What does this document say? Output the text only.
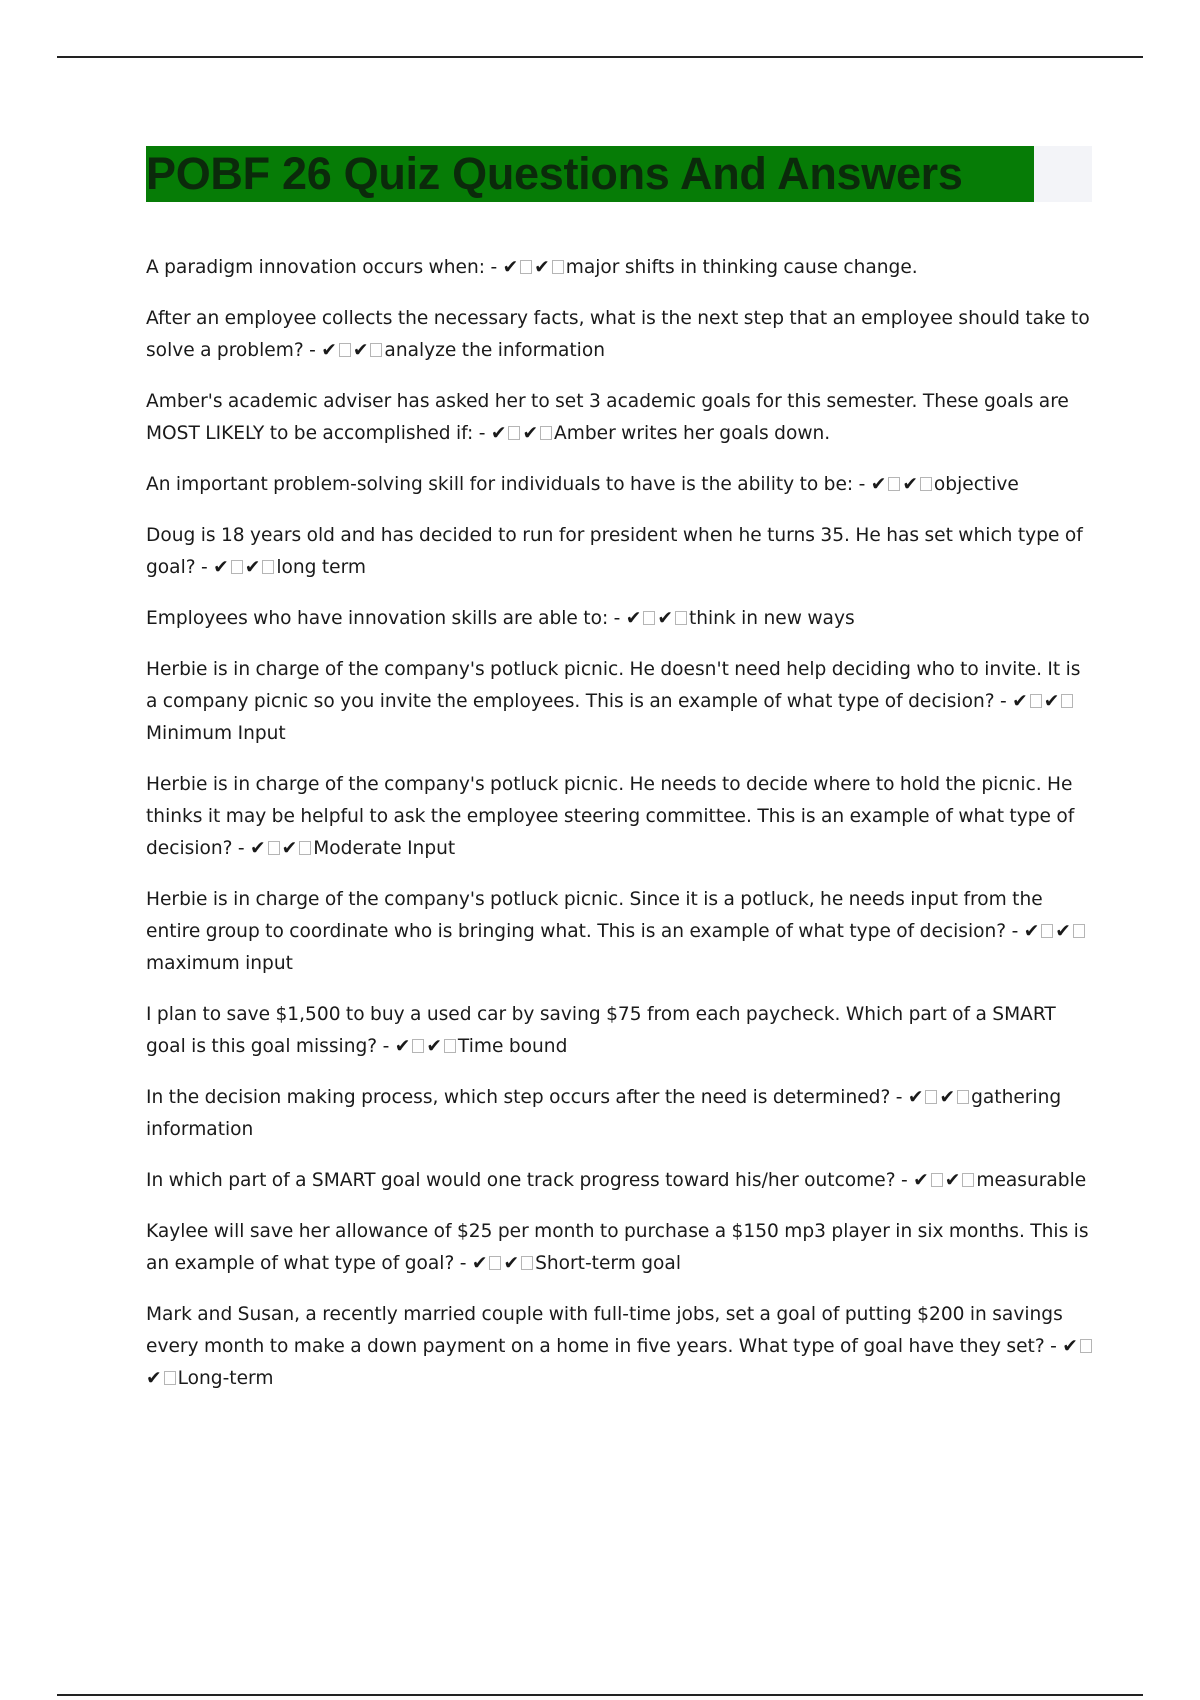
POBF 26 Quiz Questions And Answers

A paradigm innovation occurs when: - ✔ ✔ major shifts in thinking cause change.

After an employee collects the necessary facts, what is the next step that an employee should take to solve a problem? - ✔ ✔ analyze the information

Amber's academic adviser has asked her to set 3 academic goals for this semester. These goals are MOST LIKELY to be accomplished if: - ✔ ✔ Amber writes her goals down.

An important problem-solving skill for individuals to have is the ability to be: - ✔ ✔ objective

Doug is 18 years old and has decided to run for president when he turns 35. He has set which type of goal? - ✔ ✔ long term

Employees who have innovation skills are able to: - ✔ ✔ think in new ways

Herbie is in charge of the company's potluck picnic. He doesn't need help deciding who to invite. It is a company picnic so you invite the employees. This is an example of what type of decision? - ✔ ✔Minimum Input

Herbie is in charge of the company's potluck picnic. He needs to decide where to hold the picnic. He thinks it may be helpful to ask the employee steering committee. This is an example of what type of decision? - ✔ ✔ Moderate Input

Herbie is in charge of the company's potluck picnic. Since it is a potluck, he needs input from the entire group to coordinate who is bringing what. This is an example of what type of decision? - ✔ ✔maximum input

I plan to save $1,500 to buy a used car by saving $75 from each paycheck. Which part of a SMART goal is this goal missing? - ✔ ✔ Time bound

In the decision making process, which step occurs after the need is determined? - ✔ ✔ gathering information

In which part of a SMART goal would one track progress toward his/her outcome? - ✔ ✔ measurable

Kaylee will save her allowance of $25 per month to purchase a $150 mp3 player in six months. This is an example of what type of goal? - ✔ ✔ Short-term goal

Mark and Susan, a recently married couple with full-time jobs, set a goal of putting $200 in savings every month to make a down payment on a home in five years. What type of goal have they set? - ✔✔ Long-term
